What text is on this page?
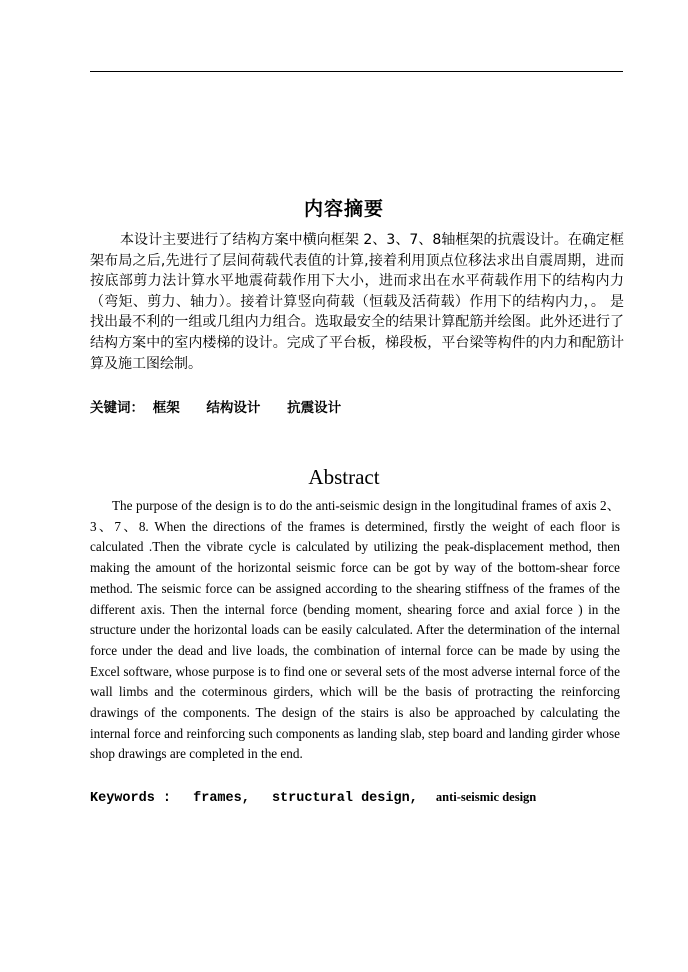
内容摘要

本设计主要进行了结构方案中横向框架 2、3、7、8轴框架的抗震设计。在确定框架布局之后,先进行了层间荷载代表值的计算,接着利用顶点位移法求出自震周期，进而按底部剪力法计算水平地震荷载作用下大小，进而求出在水平荷载作用下的结构内力（弯矩、剪力、轴力）。接着计算竖向荷载（恒载及活荷载）作用下的结构内力，。 是找出最不利的一组或几组内力组合。选取最安全的结果计算配筋并绘图。此外还进行了结构方案中的室内楼梯的设计。完成了平台板，梯段板，平台梁等构件的内力和配筋计算及施工图绘制。

关键词： 框架 结构设计 抗震设计
Abstract

The purpose of the design is to do the anti-seismic design in the longitudinal frames of axis 2、3、7、8. When the directions of the frames is determined, firstly the weight of each floor is calculated .Then the vibrate cycle is calculated by utilizing the peak-displacement method, then making the amount of the horizontal seismic force can be got by way of the bottom-shear force method. The seismic force can be assigned according to the shearing stiffness of the frames of the different axis. Then the internal force (bending moment, shearing force and axial force ) in the structure under the horizontal loads can be easily calculated. After the determination of the internal force under the dead and live loads, the combination of internal force can be made by using the Excel software, whose purpose is to find one or several sets of the most adverse internal force of the wall limbs and the coterminous girders, which will be the basis of protracting the reinforcing drawings of the components. The design of the stairs is also be approached by calculating the internal force and reinforcing such components as landing slab, step board and landing girder whose shop drawings are completed in the end.

Keywords : frames, structural design, anti-seismic design
